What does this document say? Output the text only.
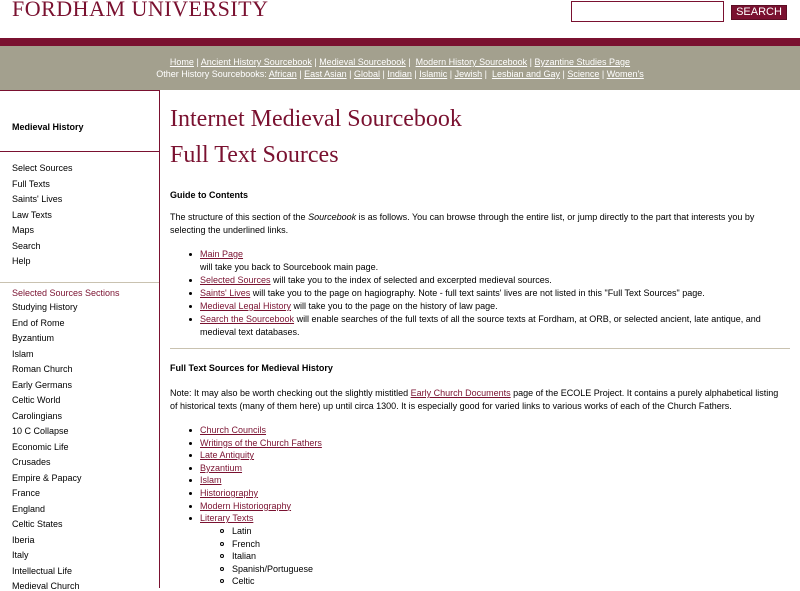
FORDHAM UNIVERSITY	SEARCH
Home | Ancient History Sourcebook | Medieval Sourcebook |  Modern History Sourcebook | Byzantine Studies Page
Other History Sourcebooks: African | East Asian | Global | Indian | Islamic | Jewish |  Lesbian and Gay | Science | Women's
Medieval History
Select Sources
Full Texts
Saints' Lives
Law Texts
Maps
Search
Help
Selected Sources Sections
Studying History
End of Rome
Byzantium
Islam
Roman Church
Early Germans
Celtic World
Carolingians
10 C Collapse
Economic Life
Crusades
Empire & Papacy
France
England
Celtic States
Iberia
Italy
Intellectual Life
Medieval Church
Internet Medieval Sourcebook
Full Text Sources
Guide to Contents
The structure of this section of the Sourcebook is as follows. You can browse through the entire list, or jump directly to the part that interests you by selecting the underlined links.
Main Page
will take you back to Sourcebook main page.
Selected Sources will take you to the index of selected and excerpted medieval sources.
Saints' Lives will take you to the page on hagiography. Note - full text saints' lives are not listed in this "Full Text Sources" page.
Medieval Legal History will take you to the page on the history of law page.
Search the Sourcebook will enable searches of the full texts of all the source texts at Fordham, at ORB, or selected ancient, late antique, and medieval text databases.
Full Text Sources for Medieval History
Note: It may also be worth checking out the slightly mistitled Early Church Documents page of the ECOLE Project. It contains a purely alphabetical listing of historical texts (many of them here) up until circa 1300. It is especially good for varied links to various works of each of the Church Fathers.
Church Councils
Writings of the Church Fathers
Late Antiquity
Byzantium
Islam
Historiography
Modern Historiography
Literary Texts
Latin
French
Italian
Spanish/Portuguese
Celtic
